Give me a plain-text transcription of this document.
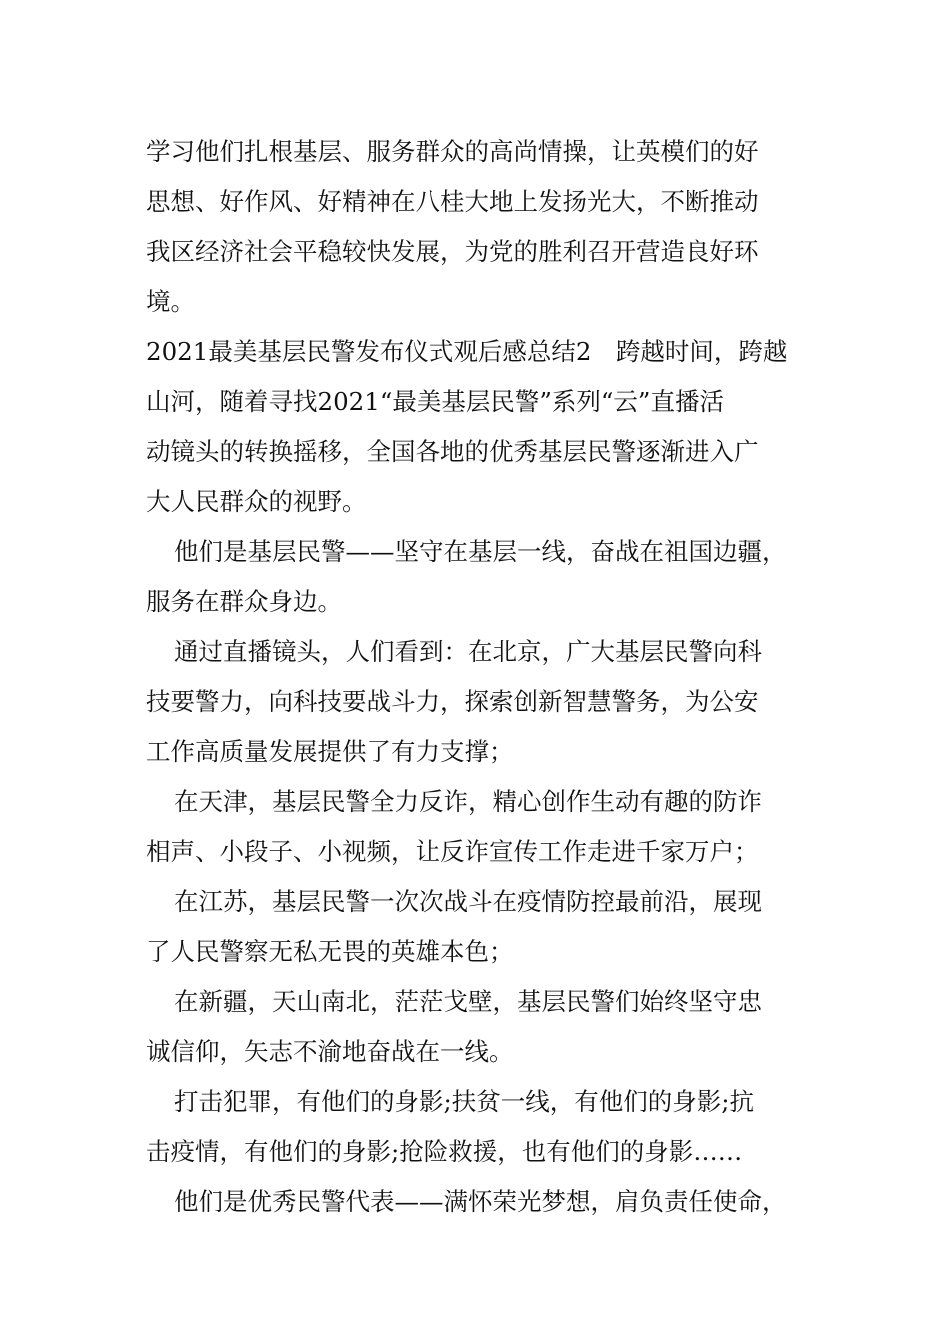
学习他们扎根基层、服务群众的高尚情操，让英模们的好
思想、好作风、好精神在八桂大地上发扬光大，不断推动
我区经济社会平稳较快发展，为党的胜利召开营造良好环
境。
2021最美基层民警发布仪式观后感总结2　跨越时间，跨越
山河，随着寻找2021“最美基层民警”系列“云”直播活
动镜头的转换摇移，全国各地的优秀基层民警逐渐进入广
大人民群众的视野。
他们是基层民警——坚守在基层一线，奋战在祖国边疆，
服务在群众身边。
通过直播镜头，人们看到：在北京，广大基层民警向科
技要警力，向科技要战斗力，探索创新智慧警务，为公安
工作高质量发展提供了有力支撑；
在天津，基层民警全力反诈，精心创作生动有趣的防诈
相声、小段子、小视频，让反诈宣传工作走进千家万户；
在江苏，基层民警一次次战斗在疫情防控最前沿，展现
了人民警察无私无畏的英雄本色；
在新疆，天山南北，茫茫戈壁，基层民警们始终坚守忠
诚信仰，矢志不渝地奋战在一线。
打击犯罪，有他们的身影;扶贫一线，有他们的身影;抗
击疫情，有他们的身影;抢险救援，也有他们的身影……
他们是优秀民警代表——满怀荣光梦想，肩负责任使命，
